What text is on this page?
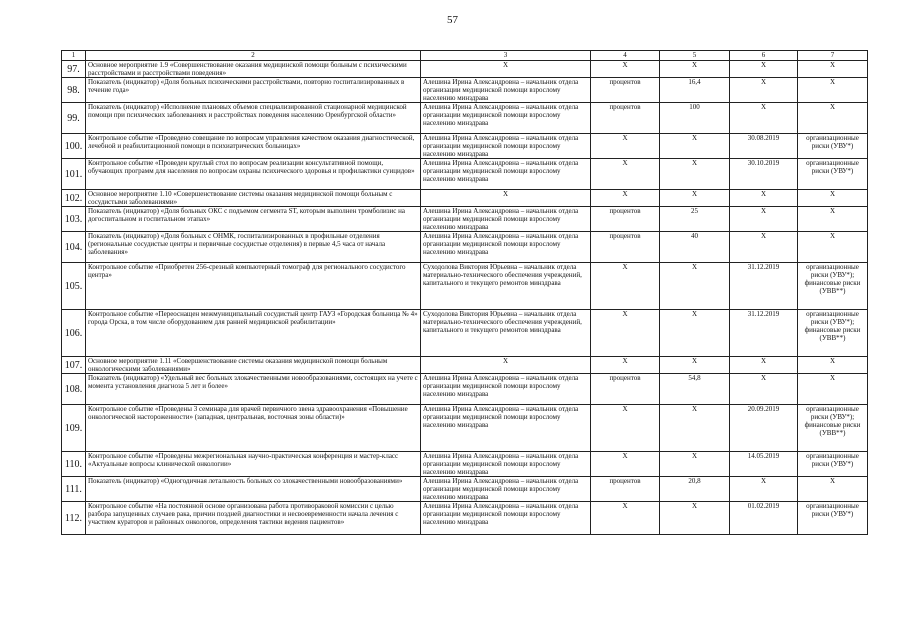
57
1	2	3	4	5	6	7
97.	Основное мероприятие 1.9 «Совершенствование оказания медицинской помощи больным с психическими расстройствами и расстройствами поведения»	X	X	X	X	X
98.	Показатель (индикатор) «Доля больных психическими расстройствами, повторно госпитализированных в течение года»	Алешина Ирина Александровна – начальник отдела организации медицинской помощи взрослому населению минздрава	процентов	16,4	X	X
99.	Показатель (индикатор) «Исполнение плановых объемов специализированной стационарной медицинской помощи при психических заболеваниях и расстройствах поведения населению Оренбургской области»	Алешина Ирина Александровна – начальник отдела организации медицинской помощи взрослому населению минздрава	процентов	100	X	X
100.	Контрольное событие «Проведено совещание по вопросам управления качеством оказания диагностической, лечебной и реабилитационной помощи в психиатрических больницах»	Алешина Ирина Александровна – начальник отдела организации медицинской помощи взрослому населению минздрава	X	X	30.08.2019	организационные риски (УВУ*)
101.	Контрольное событие «Проведен круглый стол по вопросам реализации консультативной помощи, обучающих программ для населения по вопросам охраны психического здоровья и профилактики суицидов»	Алешина Ирина Александровна – начальник отдела организации медицинской помощи взрослому населению минздрава	X	X	30.10.2019	организационные риски (УВУ*)
102.	Основное мероприятие 1.10 «Совершенствование системы оказания медицинской помощи больным с сосудистыми заболеваниями»	X	X	X	X	X
103.	Показатель (индикатор) «Доля больных ОКС с подъемом сегмента ST, которым выполнен тромболизис на догоспитальном и госпитальном этапах»	Алешина Ирина Александровна – начальник отдела организации медицинской помощи взрослому населению минздрава	процентов	25	X	X
104.	Показатель (индикатор) «Доля больных с ОНМК, госпитализированных в профильные отделения (региональные сосудистые центры и первичные сосудистые отделения) в первые 4,5 часа от начала заболевания»	Алешина Ирина Александровна – начальник отдела организации медицинской помощи взрослому населению минздрава	процентов	40	X	X
105.	Контрольное событие «Приобретен 256-срезный компьютерный томограф для регионального сосудистого центра»	Суходолова Виктория Юрьевна – начальник отдела материально-технического обеспечения учреждений, капитального и текущего ремонтов минздрава	X	X	31.12.2019	организационные риски (УВУ*); финансовые риски (УВВ**)
106.	Контрольное событие «Переоснащен межмуниципальный сосудистый центр ГАУЗ «Городская больница № 4» города Орска, в том числе оборудованием для ранней медицинской реабилитации»	Суходолова Виктория Юрьевна – начальник отдела материально-технического обеспечения учреждений, капитального и текущего ремонтов минздрава	X	X	31.12.2019	организационные риски (УВУ*); финансовые риски (УВВ**)
107.	Основное мероприятие 1.11 «Совершенствование системы оказания медицинской помощи больным онкологическими заболеваниями»	X	X	X	X	X
108.	Показатель (индикатор) «Удельный вес больных злокачественными новообразованиями, состоящих на учете с момента установления диагноза 5 лет и более»	Алешина Ирина Александровна – начальник отдела организации медицинской помощи взрослому населению минздрава	процентов	54,8	X	X
109.	Контрольное событие «Проведены 3 семинара для врачей первичного звена здравоохранения «Повышение онкологической настороженности» (западная, центральная, восточная зоны области)»	Алешина Ирина Александровна – начальник отдела организации медицинской помощи взрослому населению минздрава	X	X	20.09.2019	организационные риски (УВУ*); финансовые риски (УВВ**)
110.	Контрольное событие «Проведены межрегиональная научно-практическая конференция и мастер-класс «Актуальные вопросы клинической онкологии»	Алешина Ирина Александровна – начальник отдела организации медицинской помощи взрослому населению минздрава	X	X	14.05.2019	организационные риски (УВУ*)
111.	Показатель (индикатор) «Одногодичная летальность больных со злокачественными новообразованиями»	Алешина Ирина Александровна – начальник отдела организации медицинской помощи взрослому населению минздрава	процентов	20,8	X	X
112.	Контрольное событие «На постоянной основе организована работа противораковой комиссии с целью разбора запущенных случаев рака, причин поздней диагностики и несвоевременности начала лечения с участием кураторов и районных онкологов, определения тактики ведения пациентов»	Алешина Ирина Александровна – начальник отдела организации медицинской помощи взрослому населению минздрава	X	X	01.02.2019	организационные риски (УВУ*)
